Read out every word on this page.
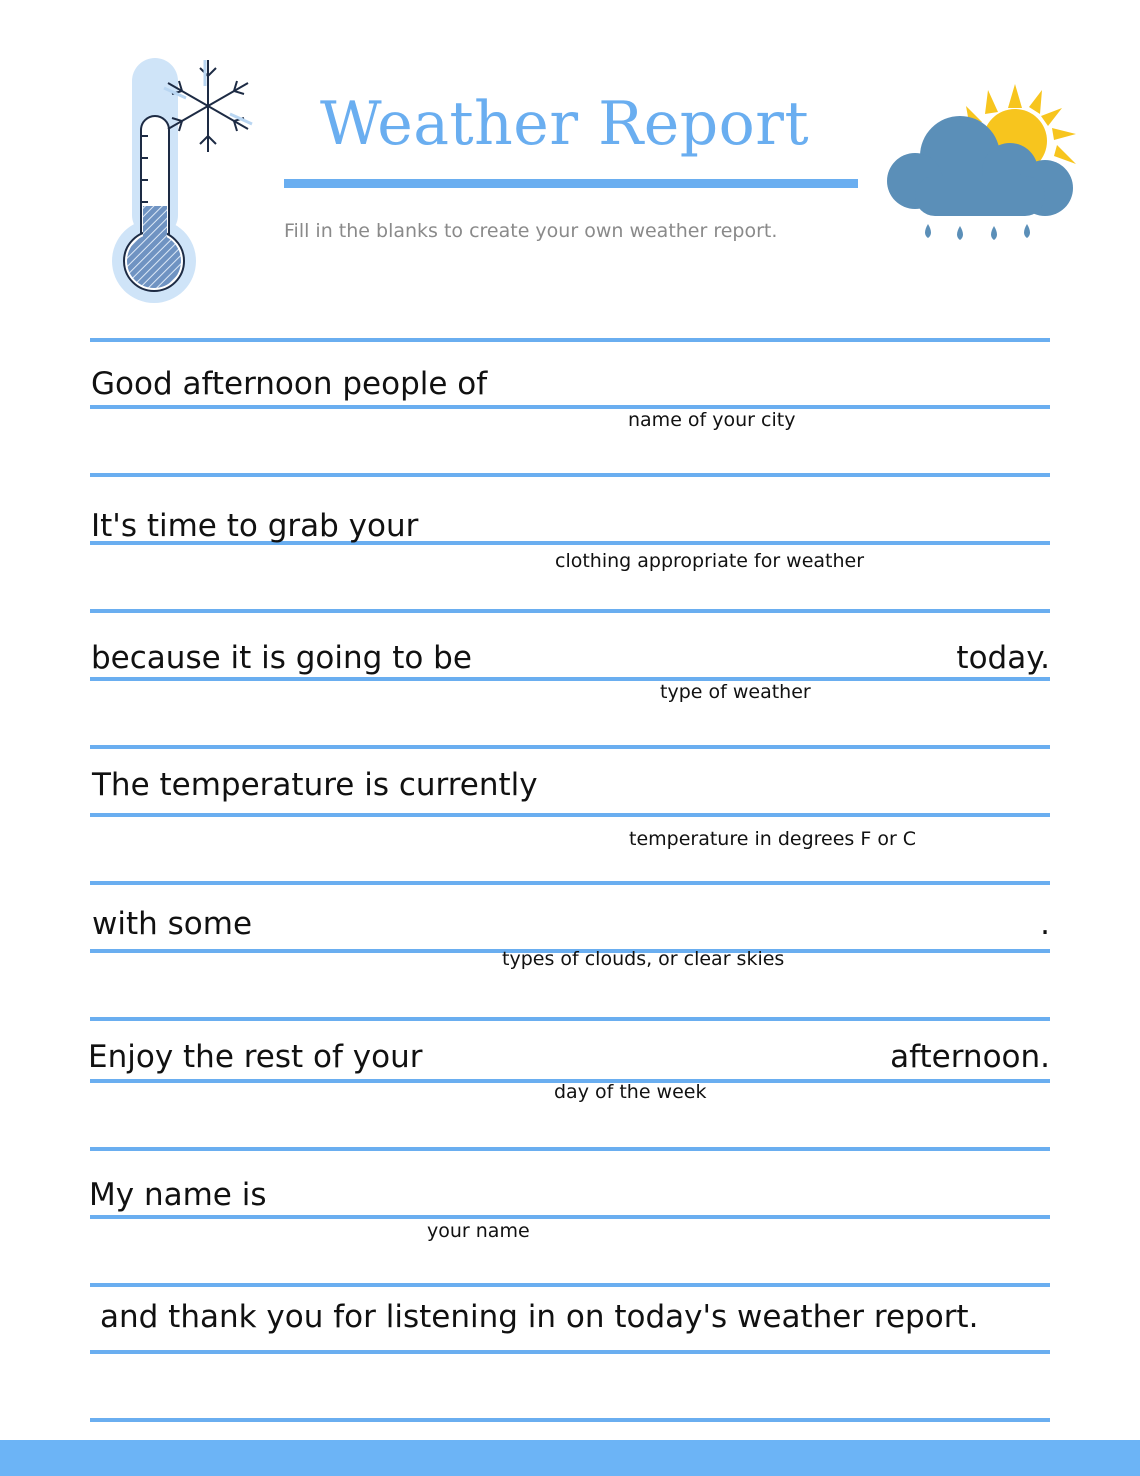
Weather Report
Fill in the blanks to create your own weather report.
Good afternoon people of
name of your city
It's time to grab your
clothing appropriate for weather
because it is going to be	today.
type of weather
The temperature is currently
temperature in degrees F or C
with some	.
types of clouds, or clear skies
Enjoy the rest of your	afternoon.
day of the week
My name is
your name
and thank you for listening in on today's weather report.
